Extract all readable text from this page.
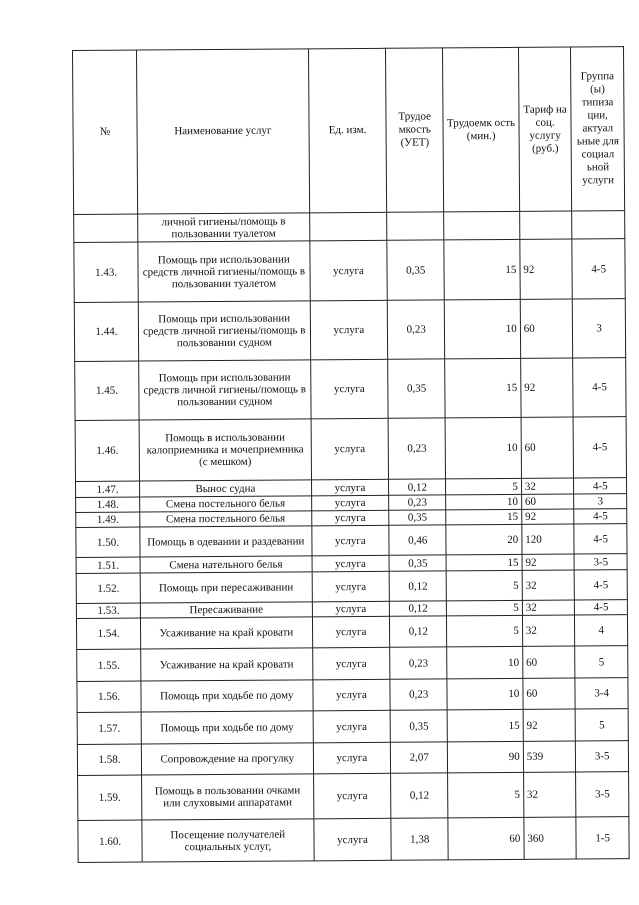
№	Наименование услуг	Ед. изм.	Трудое мкость (УЕТ)	Трудоемк ость (мин.)	Тариф на соц. услугу (руб.)	Группа (ы) типиза ции, актуал ьные для социал ьной услуги
	личной гигиены/помощь в пользовании туалетом					
1.43.	Помощь при использовании средств личной гигиены/помощь в пользовании туалетом	услуга	0,35	15	92	4-5
1.44.	Помощь при использовании средств личной гигиены/помощь в пользовании судном	услуга	0,23	10	60	3
1.45.	Помощь при использовании средств личной гигиены/помощь в пользовании судном	услуга	0,35	15	92	4-5
1.46.	Помощь в использовании калоприемника и мочеприемника (с мешком)	услуга	0,23	10	60	4-5
1.47.	Вынос судна	услуга	0,12	5	32	4-5
1.48.	Смена постельного белья	услуга	0,23	10	60	3
1.49.	Смена постельного белья	услуга	0,35	15	92	4-5
1.50.	Помощь в одевании и раздевании	услуга	0,46	20	120	4-5
1.51.	Смена нательного белья	услуга	0,35	15	92	3-5
1.52.	Помощь при пересаживании	услуга	0,12	5	32	4-5
1.53.	Пересаживание	услуга	0,12	5	32	4-5
1.54.	Усаживание на край кровати	услуга	0,12	5	32	4
1.55.	Усаживание на край кровати	услуга	0,23	10	60	5
1.56.	Помощь при ходьбе по дому	услуга	0,23	10	60	3-4
1.57.	Помощь при ходьбе по дому	услуга	0,35	15	92	5
1.58.	Сопровождение на прогулку	услуга	2,07	90	539	3-5
1.59.	Помощь в пользовании очками или слуховыми аппаратами	услуга	0,12	5	32	3-5
1.60.	Посещение получателей социальных услуг,	услуга	1,38	60	360	1-5
